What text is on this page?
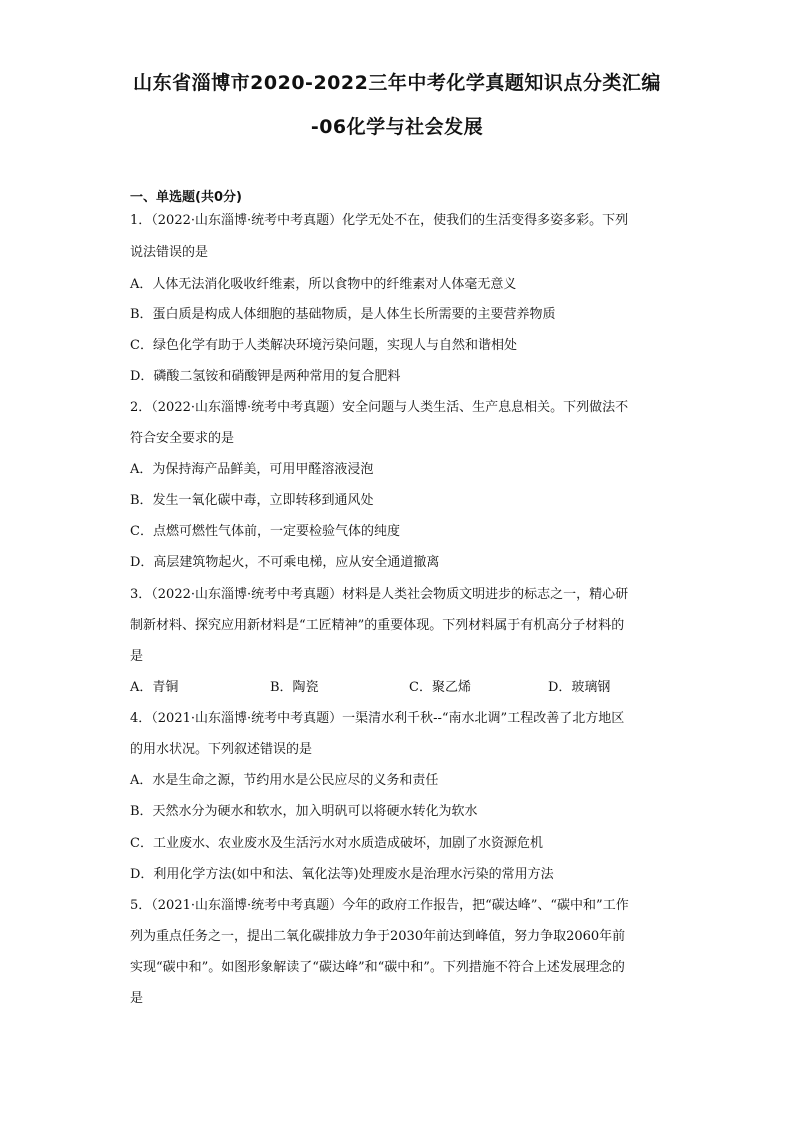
山东省淄博市2020-2022三年中考化学真题知识点分类汇编
-06化学与社会发展
一、单选题(共0分)
1．（2022·山东淄博·统考中考真题）化学无处不在，使我们的生活变得多姿多彩。下列
说法错误的是
A．人体无法消化吸收纤维素，所以食物中的纤维素对人体毫无意义
B．蛋白质是构成人体细胞的基础物质，是人体生长所需要的主要营养物质
C．绿色化学有助于人类解决环境污染问题，实现人与自然和谐相处
D．磷酸二氢铵和硝酸钾是两种常用的复合肥料
2．（2022·山东淄博·统考中考真题）安全问题与人类生活、生产息息相关。下列做法不
符合安全要求的是
A．为保持海产品鲜美，可用甲醛溶液浸泡
B．发生一氧化碳中毒，立即转移到通风处
C．点燃可燃性气体前，一定要检验气体的纯度
D．高层建筑物起火，不可乘电梯，应从安全通道撤离
3．（2022·山东淄博·统考中考真题）材料是人类社会物质文明进步的标志之一，精心研
制新材料、探究应用新材料是“工匠精神”的重要体现。下列材料属于有机高分子材料的
是
A．青铜	B．陶瓷	C．聚乙烯	D．玻璃钢
4．（2021·山东淄博·统考中考真题）一渠清水利千秋--“南水北调”工程改善了北方地区
的用水状况。下列叙述错误的是
A．水是生命之源，节约用水是公民应尽的义务和责任
B．天然水分为硬水和软水，加入明矾可以将硬水转化为软水
C．工业废水、农业废水及生活污水对水质造成破坏，加剧了水资源危机
D．利用化学方法(如中和法、氧化法等)处理废水是治理水污染的常用方法
5．（2021·山东淄博·统考中考真题）今年的政府工作报告，把“碳达峰”、“碳中和”工作
列为重点任务之一，提出二氧化碳排放力争于2030年前达到峰值，努力争取2060年前
实现“碳中和”。如图形象解读了“碳达峰”和“碳中和”。下列措施不符合上述发展理念的
是
